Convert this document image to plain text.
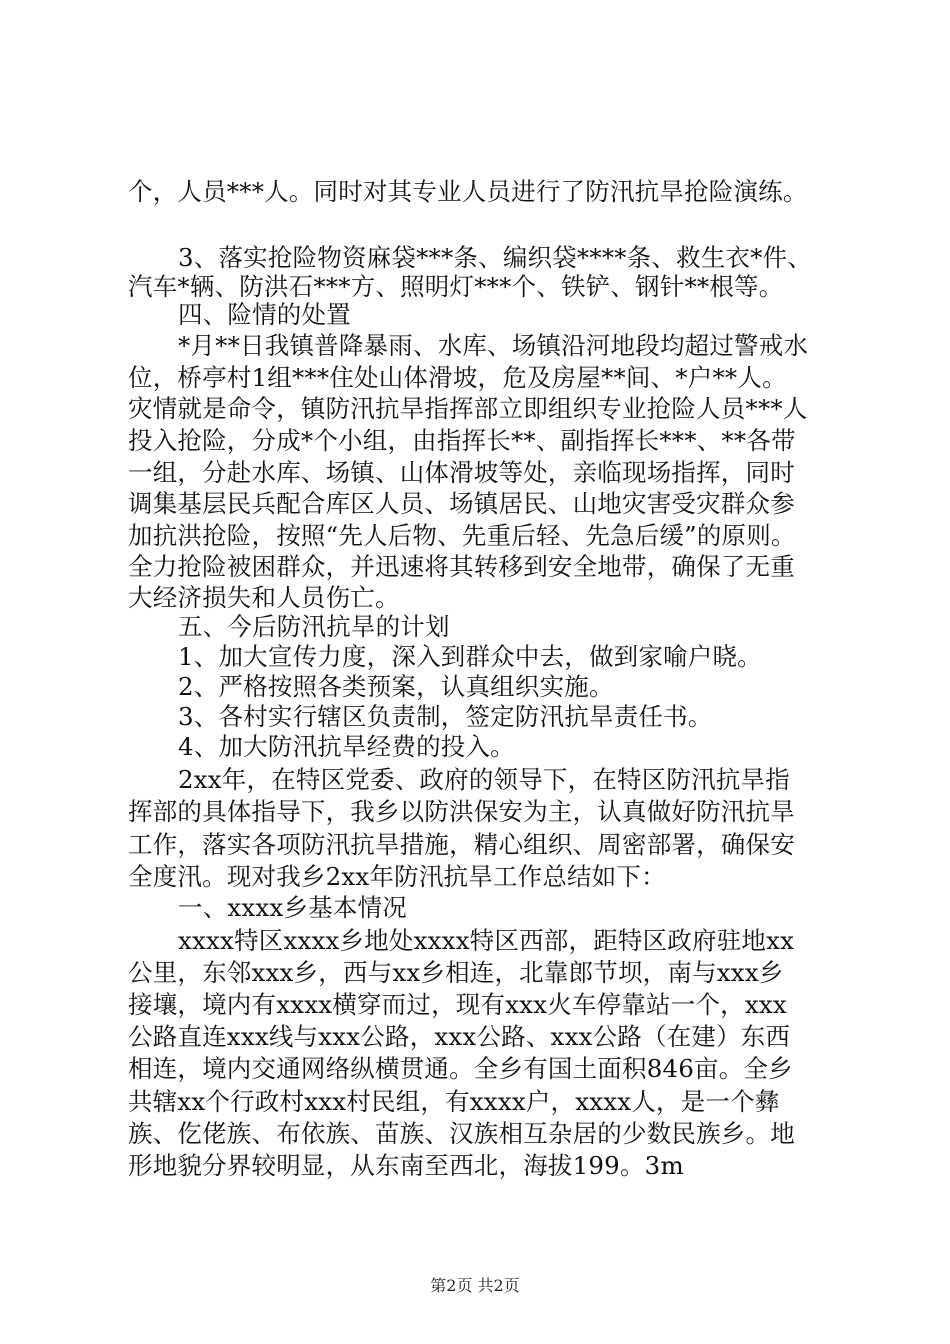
个，人员***人。同时对其专业人员进行了防汛抗旱抢险演练。
3、落实抢险物资麻袋***条、编织袋****条、救生衣*件、
汽车*辆、防洪石***方、照明灯***个、铁铲、钢针**根等。
四、险情的处置
*月**日我镇普降暴雨、水库、场镇沿河地段均超过警戒水
位，桥亭村1组***住处山体滑坡，危及房屋**间、*户**人。
灾情就是命令，镇防汛抗旱指挥部立即组织专业抢险人员***人
投入抢险，分成*个小组，由指挥长**、副指挥长***、**各带
一组，分赴水库、场镇、山体滑坡等处，亲临现场指挥，同时
调集基层民兵配合库区人员、场镇居民、山地灾害受灾群众参
加抗洪抢险，按照“先人后物、先重后轻、先急后缓”的原则。
全力抢险被困群众，并迅速将其转移到安全地带，确保了无重
大经济损失和人员伤亡。
五、今后防汛抗旱的计划
1、加大宣传力度，深入到群众中去，做到家喻户晓。
2、严格按照各类预案，认真组织实施。
3、各村实行辖区负责制，签定防汛抗旱责任书。
4、加大防汛抗旱经费的投入。
2xx年，在特区党委、政府的领导下，在特区防汛抗旱指
挥部的具体指导下，我乡以防洪保安为主，认真做好防汛抗旱
工作，落实各项防汛抗旱措施，精心组织、周密部署，确保安
全度汛。现对我乡2xx年防汛抗旱工作总结如下：
一、xxxx乡基本情况
xxxx特区xxxx乡地处xxxx特区西部，距特区政府驻地xx
公里，东邻xxx乡，西与xx乡相连，北靠郎节坝，南与xxx乡
接壤，境内有xxxx横穿而过，现有xxx火车停靠站一个，xxx
公路直连xxx线与xxx公路，xxx公路、xxx公路（在建）东西
相连，境内交通网络纵横贯通。全乡有国土面积846亩。全乡
共辖xx个行政村xxx村民组，有xxxx户，xxxx人，是一个彝
族、仡佬族、布依族、苗族、汉族相互杂居的少数民族乡。地
形地貌分界较明显，从东南至西北，海拔199。3m
第2页 共2页
